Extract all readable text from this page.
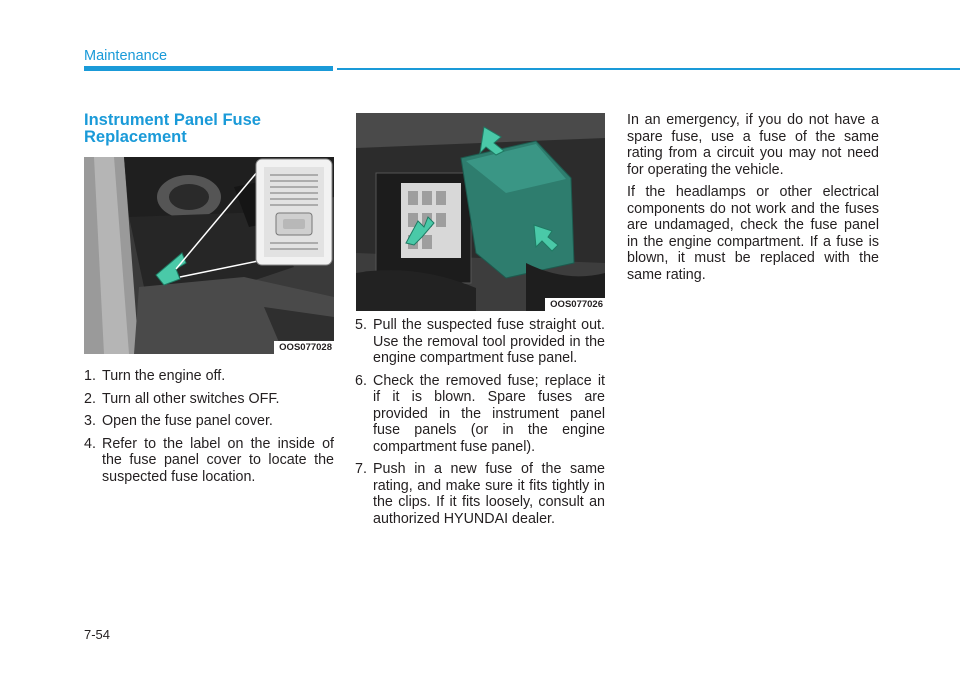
Maintenance
Instrument Panel Fuse Replacement
OOS077028
OOS077026
1. Turn the engine off.
2. Turn all other switches OFF.
3. Open the fuse panel cover.
4. Refer to the label on the inside of the fuse panel cover to locate the suspected fuse location.
5. Pull the suspected fuse straight out. Use the removal tool provided in the engine compartment fuse panel.
6. Check the removed fuse; replace it if it is blown. Spare fuses are provided in the instrument panel fuse panels (or in the engine compartment fuse panel).
7. Push in a new fuse of the same rating, and make sure it fits tightly in the clips. If it fits loosely, consult an authorized HYUNDAI dealer.

In an emergency, if you do not have a spare fuse, use a fuse of the same rating from a circuit you may not need for operating the vehicle.

If the headlamps or other electrical components do not work and the fuses are undamaged, check the fuse panel in the engine compartment. If a fuse is blown, it must be replaced with the same rating.

7-54
